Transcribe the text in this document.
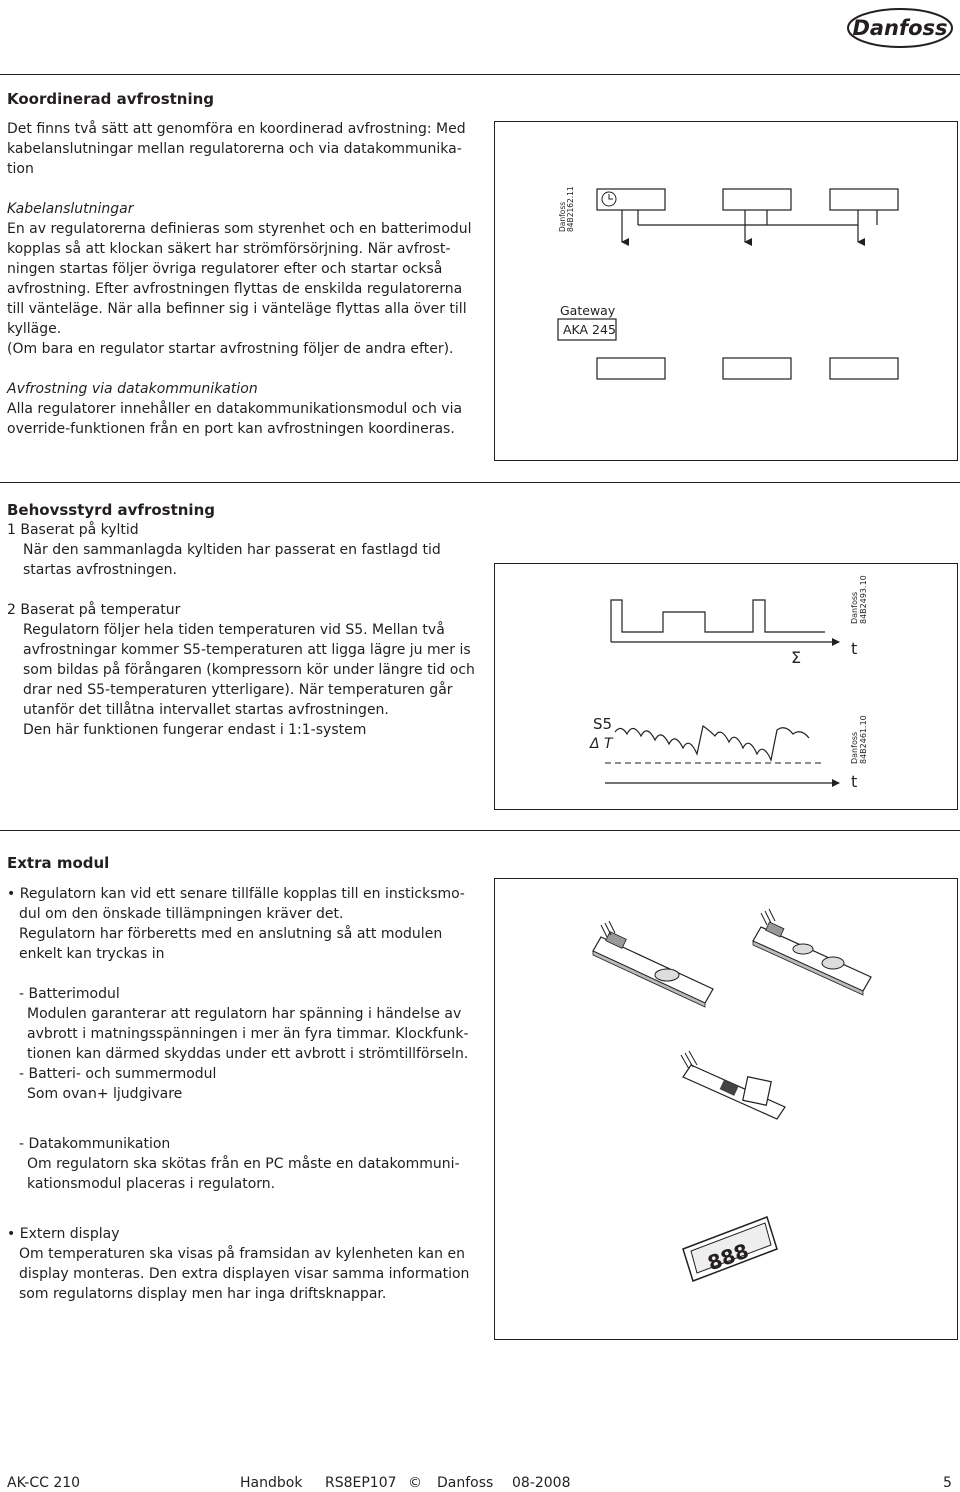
Danfoss
Koordinerad avfrostning

Det finns två sätt att genomföra en koordinerad avfrostning: Med kabelanslutningar mellan regulatorerna och via datakommunikation

Kabelanslutningar

En av regulatorerna definieras som styrenhet och en batterimodul kopplas så att klockan säkert har strömförsörjning. När avfrostningen startas följer övriga regulatorer efter och startar också avfrostning. Efter avfrostningen flyttas de enskilda regulatorerna till vänteläge. När alla befinner sig i vänteläge flyttas alla över till kylläge.

(Om bara en regulator startar avfrostning följer de andra efter).

Avfrostning via datakommunikation

Alla regulatorer innehåller en datakommunikationsmodul och via override-funktionen från en port kan avfrostningen koordineras.

Danfoss 84B2162.11
Gateway
AKA 245
Behovsstyrd avfrostning

1 Baserat på kyltid

När den sammanlagda kyltiden har passerat en fastlagd tid startas avfrostningen.

2 Baserat på temperatur

Regulatorn följer hela tiden temperaturen vid S5. Mellan två avfrostningar kommer S5-temperaturen att ligga lägre ju mer is som bildas på förångaren (kompressorn kör under längre tid och drar ned S5-temperaturen ytterligare). När temperaturen går utanför det tillåtna intervallet startas avfrostningen.

Den här funktionen fungerar endast i 1:1-system

Σ	t
Danfoss 84B2493.10
S5
Δ T
t
Danfoss 84B2461.10
Extra modul

• Regulatorn kan vid ett senare tillfälle kopplas till en insticksmodul om den önskade tillämpningen kräver det.

Regulatorn har förberetts med en anslutning så att modulen enkelt kan tryckas in

- Batterimodul

Modulen garanterar att regulatorn har spänning i händelse av avbrott i matningsspänningen i mer än fyra timmar. Klockfunktionen kan därmed skyddas under ett avbrott i strömtillförseln.

- Batteri- och summermodul

Som ovan+ ljudgivare

- Datakommunikation

Om regulatorn ska skötas från en PC måste en datakommunikationsmodul placeras i regulatorn.

• Extern display

Om temperaturen ska visas på framsidan av kylenheten kan en display monteras. Den extra displayen visar samma information som regulatorns display men har inga driftsknappar.

888
AK-CC 210	Handbok RS8EP107 © Danfoss 08-2008	5
